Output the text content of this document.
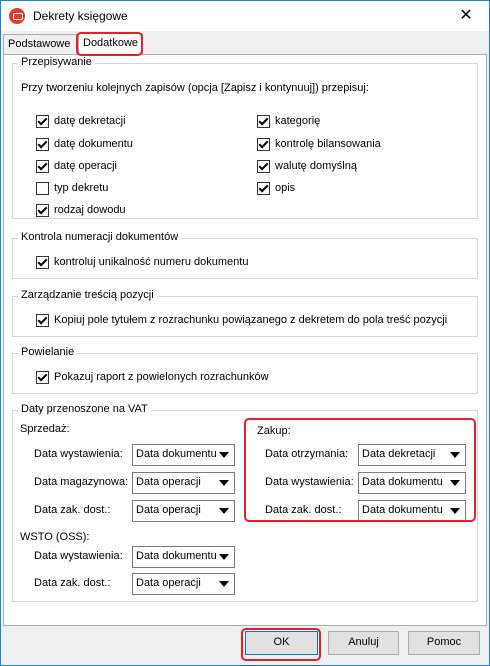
Dekrety księgowe	✕
Podstawowe	Dodatkowe
Przepisywanie
Przy tworzeniu kolejnych zapisów (opcja [Zapisz i kontynuuj]) przepisuj:
datę dekretacji
datę dokumentu
datę operacji
typ dekretu
rodzaj dowodu
kategorię
kontrolę bilansowania
walutę domyślną
opis
Kontrola numeracji dokumentów
kontroluj unikalność numeru dokumentu
Zarządzanie treścią pozycji
Kopiuj pole tytułem z rozrachunku powiązanego z dekretem do pola treść pozycji
Powielanie
Pokazuj raport z powielonych rozrachunków
Daty przenoszone na VAT
Sprzedaż:
Data wystawienia: Data dokumentu
Data magazynowa: Data operacji
Data zak. dost.: Data operacji
Zakup:
Data otrzymania: Data dekretacji
Data wystawienia: Data dokumentu
Data zak. dost.: Data dokumentu
WSTO (OSS):
Data wystawienia: Data dokumentu
Data zak. dost.: Data operacji
OK	Anuluj	Pomoc
